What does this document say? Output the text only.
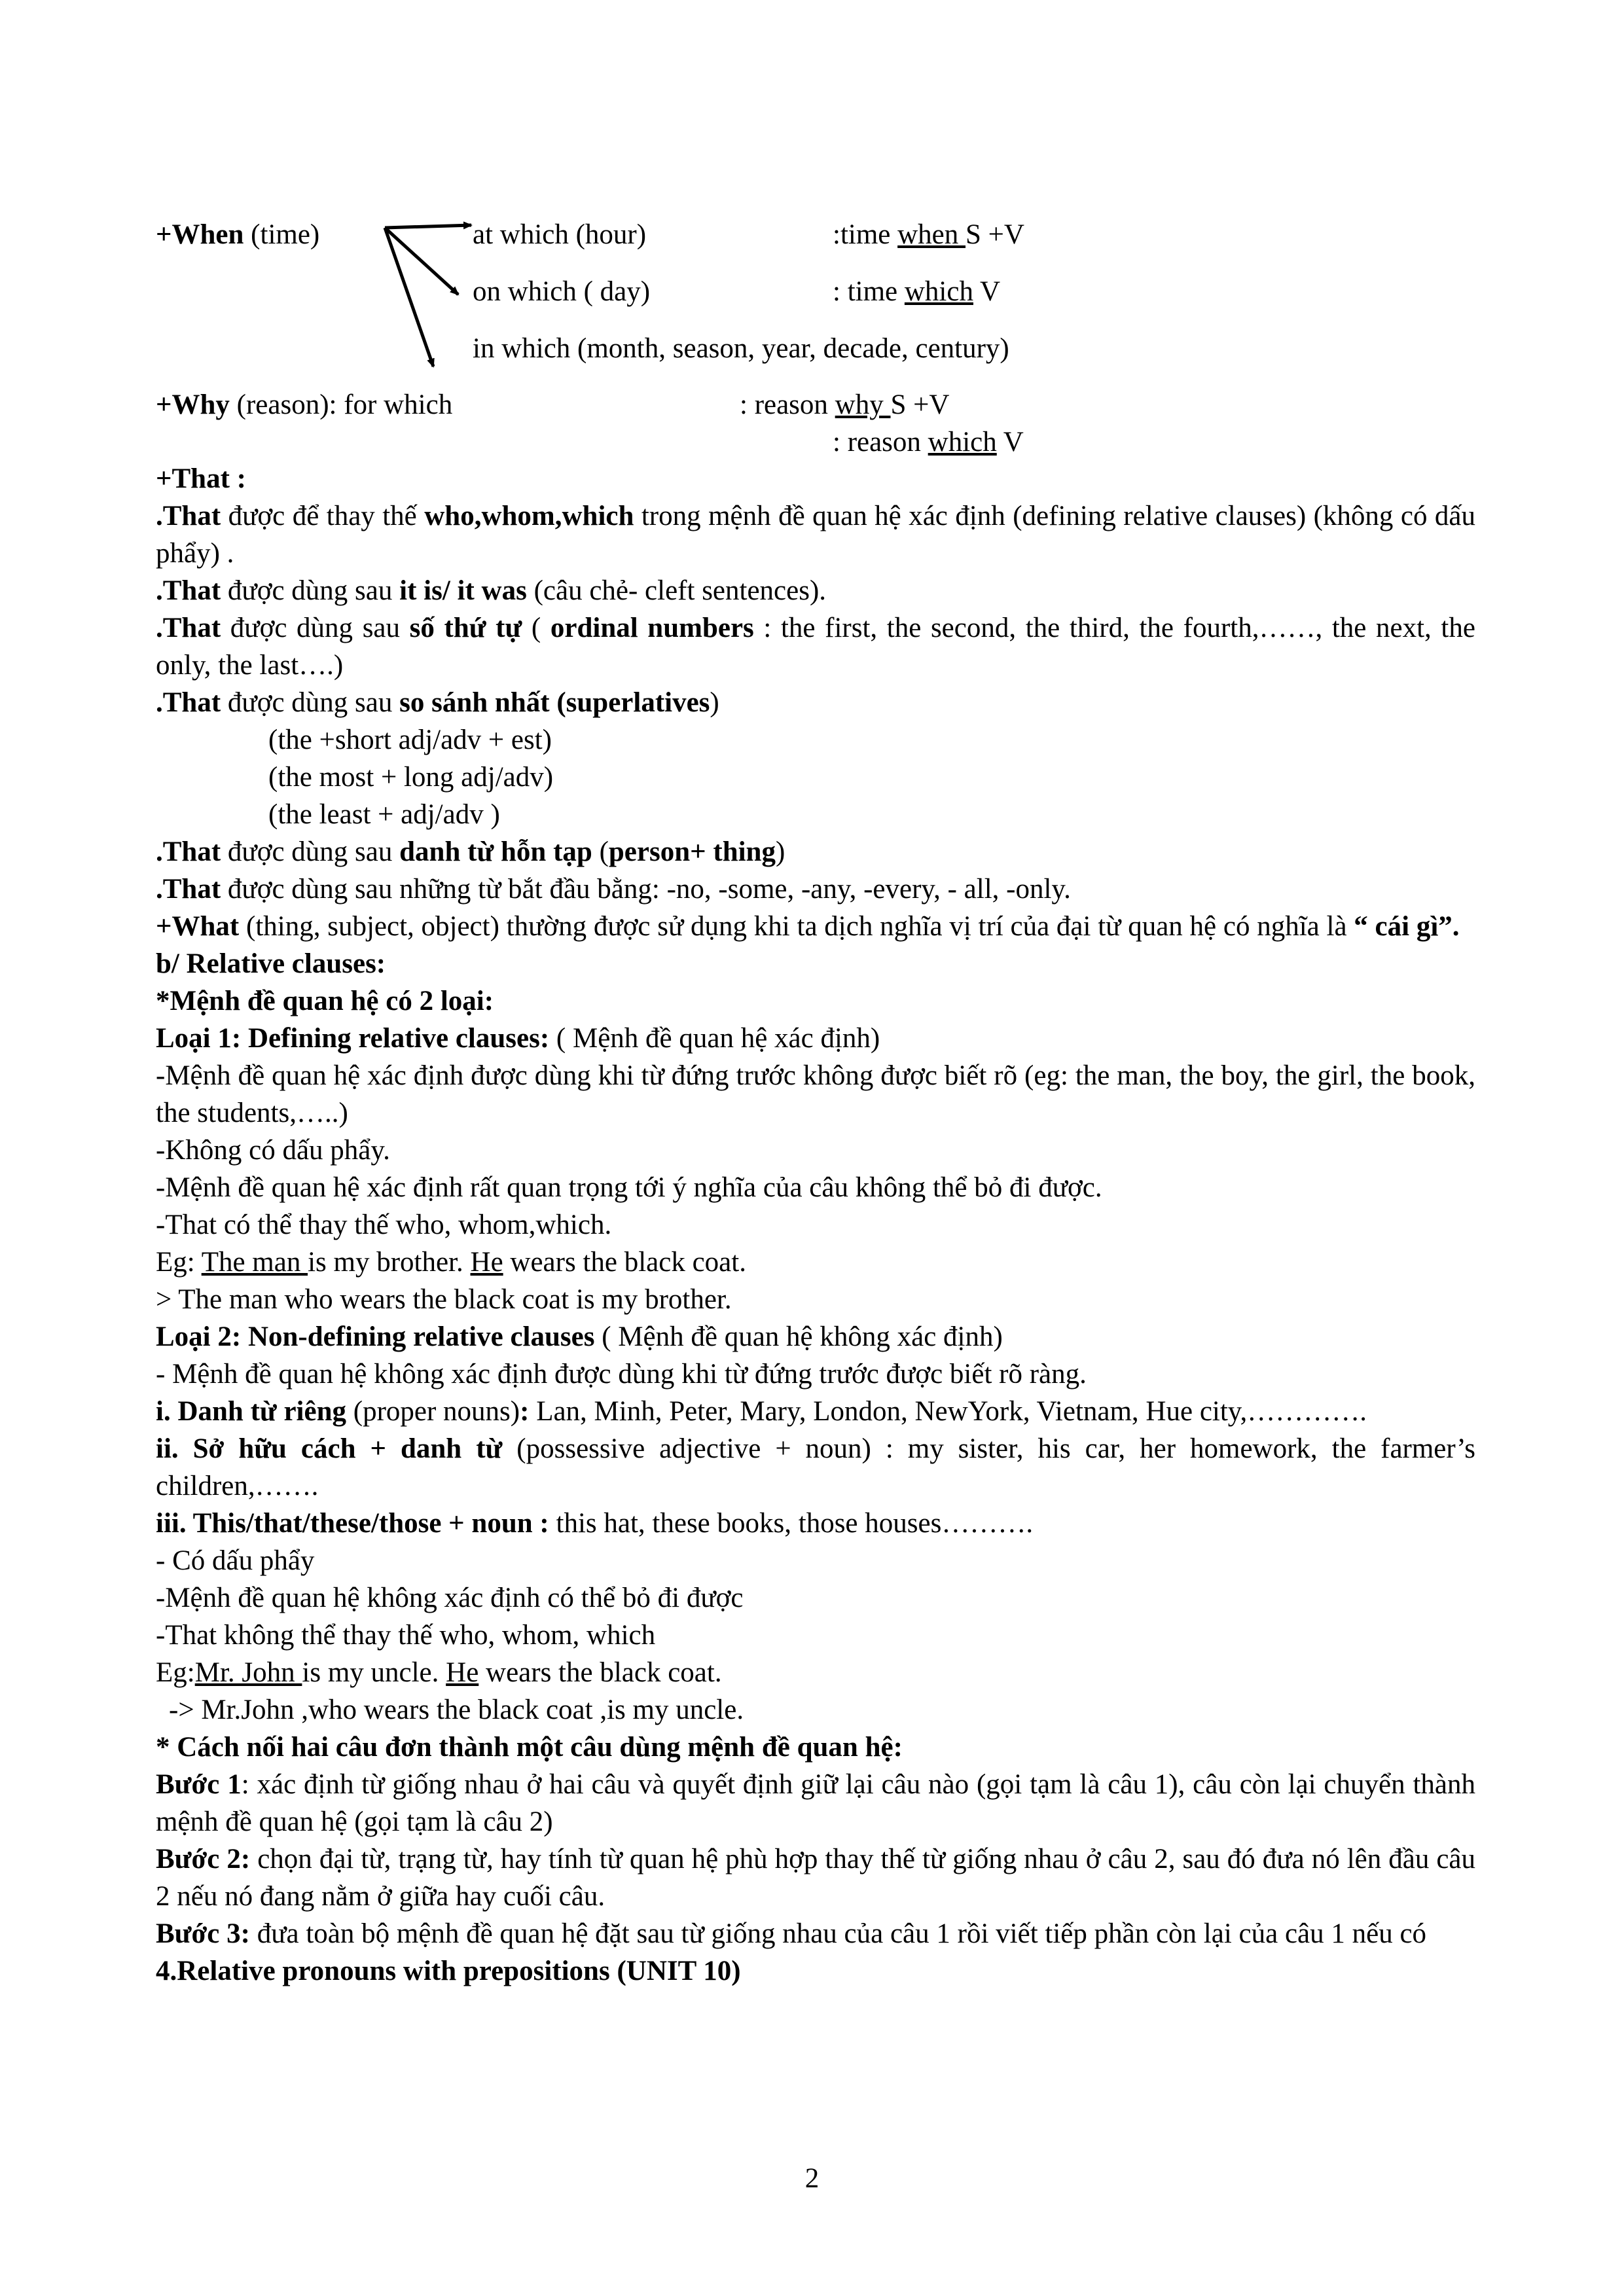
+When (time)	at which (hour)	:time when S +V
on which ( day)	: time which V
in which (month, season, year, decade, century)
+Why (reason): for which	: reason why S +V
: reason which V

+That :

.That được để thay thế who,whom,which trong mệnh đề quan hệ xác định (defining relative clauses) (không có dấu phẩy) .

.That được dùng sau it is/ it was (câu chẻ- cleft sentences).

.That được dùng sau số thứ tự ( ordinal numbers : the first, the second, the third, the fourth,……, the next, the only, the last….)

.That được dùng sau so sánh nhất (superlatives)

(the +short adj/adv + est)

(the most + long adj/adv)

(the least + adj/adv )

.That được dùng sau danh từ hỗn tạp (person+ thing)

.That được dùng sau những từ bắt đầu bằng: -no, -some, -any, -every, - all, -only.

+What (thing, subject, object) thường được sử dụng khi ta dịch nghĩa vị trí của đại từ quan hệ có nghĩa là “ cái gì”.

b/ Relative clauses:

*Mệnh đề quan hệ có 2 loại:

Loại 1: Defining relative clauses: ( Mệnh đề quan hệ xác định)

-Mệnh đề quan hệ xác định được dùng khi từ đứng trước không được biết rõ (eg: the man, the boy, the girl, the book, the students,…..)

-Không có dấu phẩy.

-Mệnh đề quan hệ xác định rất quan trọng tới ý nghĩa của câu không thể bỏ đi được.

-That có thể thay thế who, whom,which.

Eg: The man is my brother. He wears the black coat.

> The man who wears the black coat is my brother.

Loại 2: Non-defining relative clauses ( Mệnh đề quan hệ không xác định)

- Mệnh đề quan hệ không xác định được dùng khi từ đứng trước được biết rõ ràng.

i. Danh từ riêng (proper nouns): Lan, Minh, Peter, Mary, London, NewYork, Vietnam, Hue city,………….

ii. Sở hữu cách + danh từ (possessive adjective + noun) : my sister, his car, her homework, the farmer’s children,…….

iii. This/that/these/those + noun : this hat, these books, those houses……….

- Có dấu phẩy

-Mệnh đề quan hệ không xác định có thể bỏ đi được

-That không thể thay thế who, whom, which

Eg:Mr. John is my uncle. He wears the black coat.

-> Mr.John ,who wears the black coat ,is my uncle.

* Cách nối hai câu đơn thành một câu dùng mệnh đề quan hệ:

Bước 1: xác định từ giống nhau ở hai câu và quyết định giữ lại câu nào (gọi tạm là câu 1), câu còn lại chuyển thành mệnh đề quan hệ (gọi tạm là câu 2)

Bước 2: chọn đại từ, trạng từ, hay tính từ quan hệ phù hợp thay thế từ giống nhau ở câu 2, sau đó đưa nó lên đầu câu 2 nếu nó đang nằm ở giữa hay cuối câu.

Bước 3: đưa toàn bộ mệnh đề quan hệ đặt sau từ giống nhau của câu 1 rồi viết tiếp phần còn lại của câu 1 nếu có

4.Relative pronouns with prepositions (UNIT 10)

2
